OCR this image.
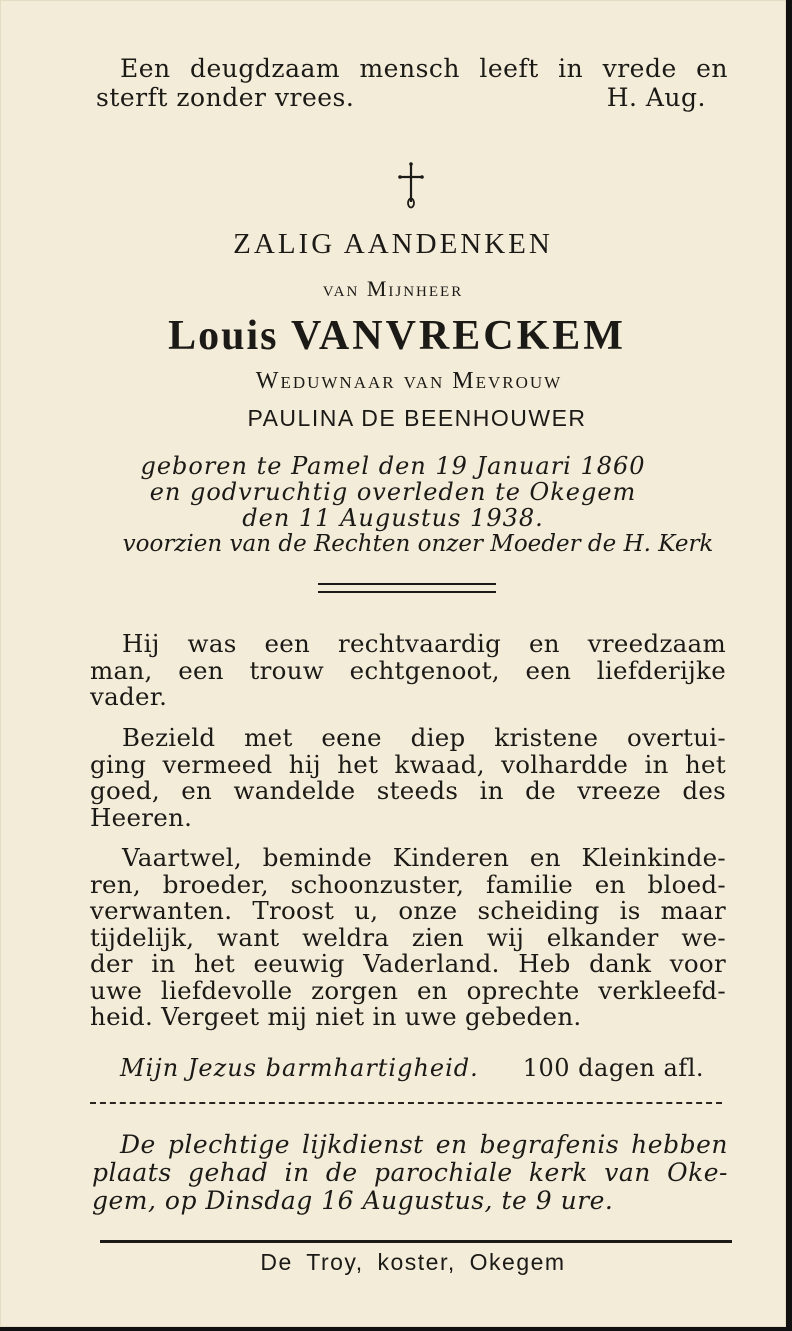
Een deugdzaam mensch leeft in vrede en
sterft zonder vrees.	H. Aug.
ZALIG AANDENKEN
van Mijnheer
Louis VANVRECKEM
Weduwnaar van Mevrouw
PAULINA DE BEENHOUWER
geboren te Pamel den 19 Januari 1860
en godvruchtig overleden te Okegem
den 11 Augustus 1938.
voorzien van de Rechten onzer Moeder de H. Kerk
Hij was een rechtvaardig en vreedzaam
man, een trouw echtgenoot, een liefderijke
vader.
Bezield met eene diep kristene overtui-
ging vermeed hij het kwaad, volhardde in het
goed, en wandelde steeds in de vreeze des
Heeren.
Vaartwel, beminde Kinderen en Kleinkinde-
ren, broeder, schoonzuster, familie en bloed-
verwanten. Troost u, onze scheiding is maar
tijdelijk, want weldra zien wij elkander we-
der in het eeuwig Vaderland. Heb dank voor
uwe liefdevolle zorgen en oprechte verkleefd-
heid. Vergeet mij niet in uwe gebeden.
Mijn Jezus barmhartigheid. 100 dagen afl.
De plechtige lijkdienst en begrafenis hebben
plaats gehad in de parochiale kerk van Oke-
gem, op Dinsdag 16 Augustus, te 9 ure.
De Troy, koster, Okegem
